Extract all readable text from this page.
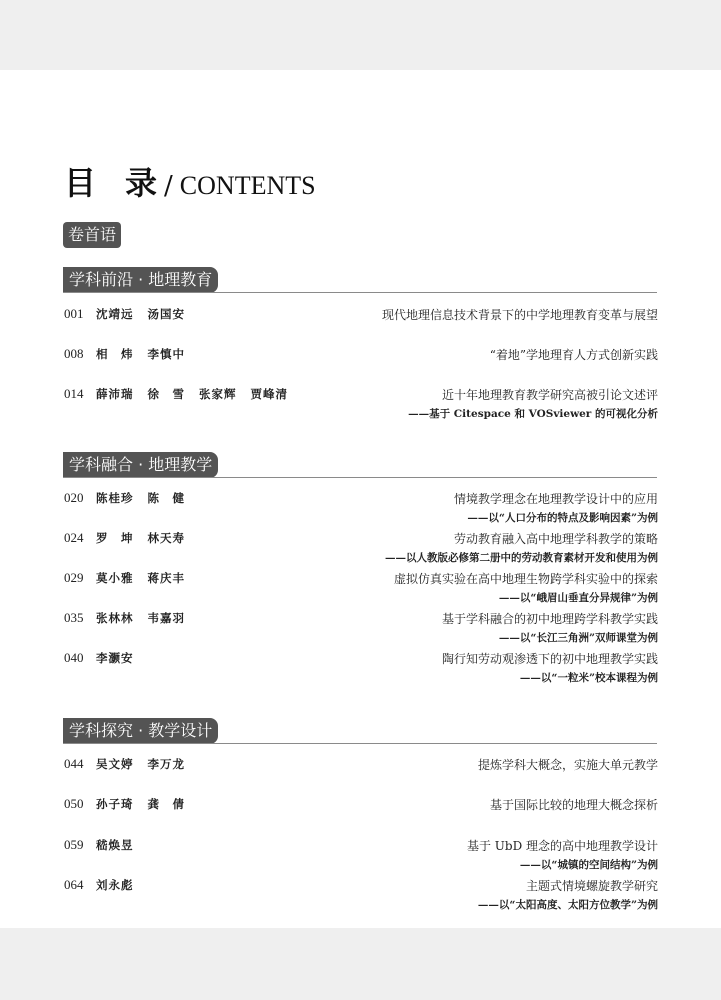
目 录 / CONTENTS
卷首语
学科前沿 · 地理教育
001 沈靖远 汤国安	现代地理信息技术背景下的中学地理教育变革与展望
008 相　炜 李慎中	“着地”学地理育人方式创新实践
014 薛沛瑞 徐　雪 张家辉 贾峰清	近十年地理教育教学研究高被引论文述评
——基于 Citespace 和 VOSviewer 的可视化分析
学科融合 · 地理教学
020 陈桂珍 陈　健	情境教学理念在地理教学设计中的应用
——以“人口分布的特点及影响因素”为例
024 罗　坤 林天寿	劳动教育融入高中地理学科教学的策略
——以人教版必修第二册中的劳动教育素材开发和使用为例
029 莫小雅 蒋庆丰	虚拟仿真实验在高中地理生物跨学科实验中的探索
——以“峨眉山垂直分异规律”为例
035 张林林 韦嘉羽	基于学科融合的初中地理跨学科教学实践
——以“长江三角洲”双师课堂为例
040 李灏安	陶行知劳动观渗透下的初中地理教学实践
——以“一粒米”校本课程为例
学科探究 · 教学设计
044 吴文婷 李万龙	提炼学科大概念，实施大单元教学
050 孙子琦 龚　倩	基于国际比较的地理大概念探析
059 嵇焕昱	基于 UbD 理念的高中地理教学设计
——以“城镇的空间结构”为例
064 刘永彪	主题式情境螺旋教学研究
——以“太阳高度、太阳方位教学”为例
